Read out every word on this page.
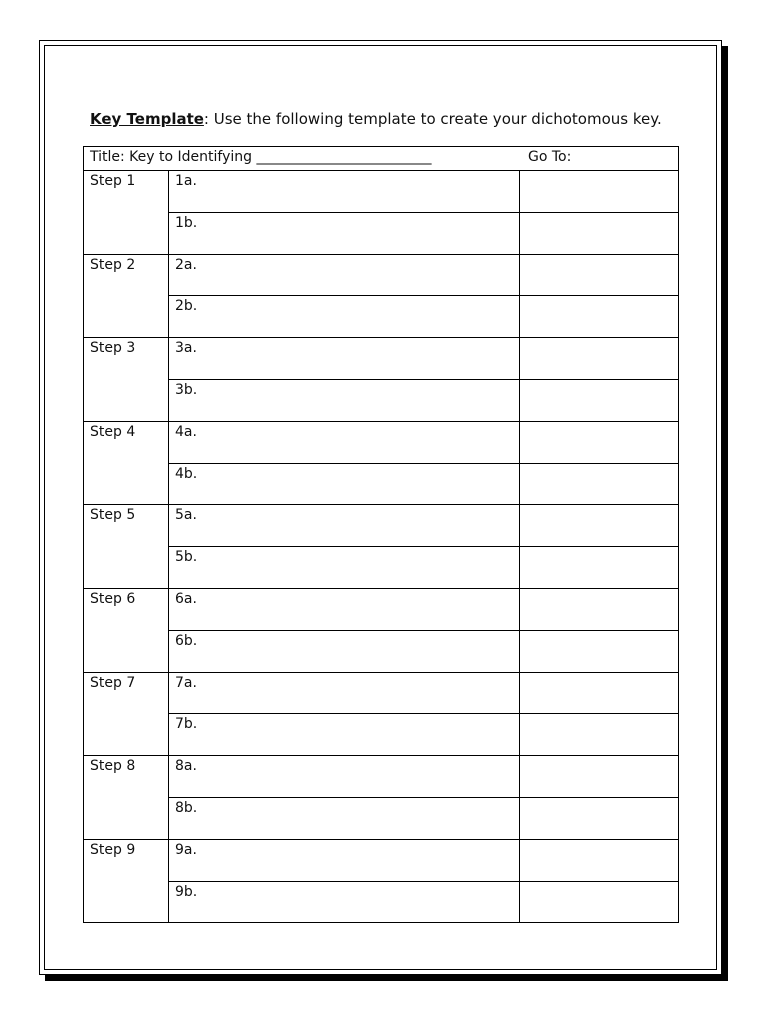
Key Template: Use the following template to create your dichotomous key.
Title: Key to Identifying _________________________ Go To:		

Step 1	1a.	
	1b.	
Step 2	2a.	
	2b.	
Step 3	3a.	
	3b.	
Step 4	4a.	
	4b.	
Step 5	5a.	
	5b.	
Step 6	6a.	
	6b.	
Step 7	7a.	
	7b.	
Step 8	8a.	
	8b.	
Step 9	9a.	
	9b.	
